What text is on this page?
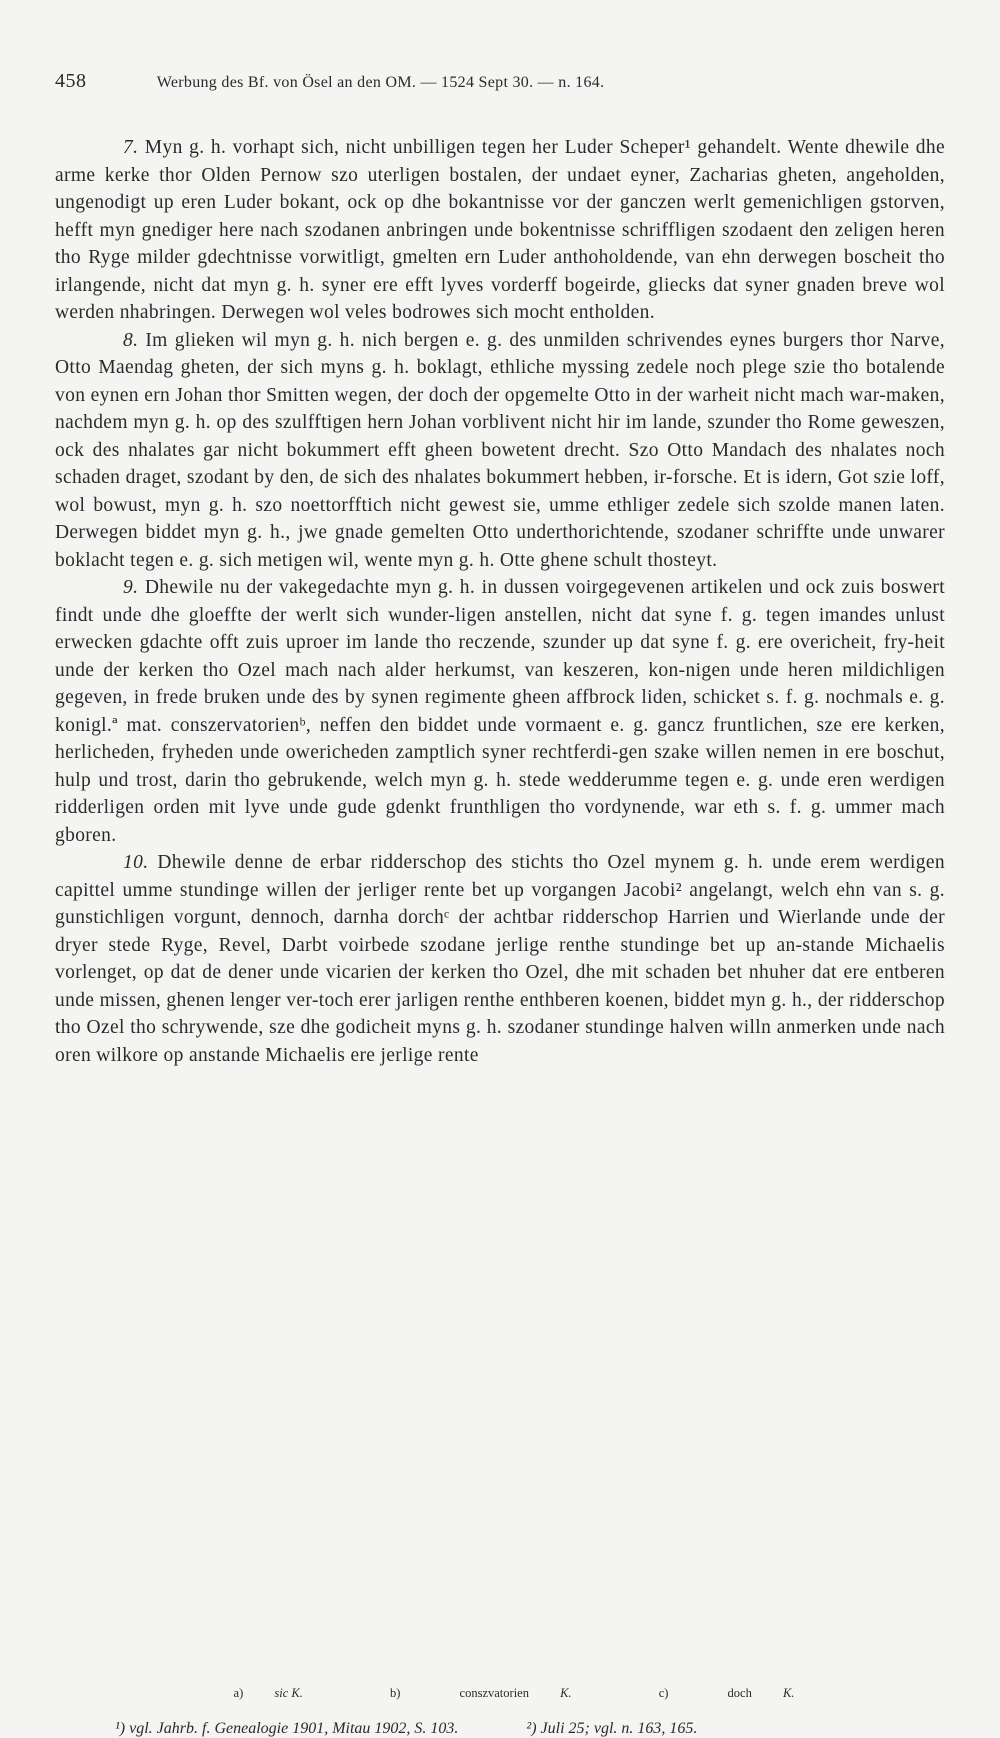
458	Werbung des Bf. von Ösel an den OM. — 1524 Sept 30. — n. 164.

7. Myn g. h. vorhapt sich, nicht unbilligen tegen her Luder Scheper¹ gehandelt. Wente dhewile dhe arme kerke thor Olden Pernow szo uterligen bostalen, der undaet eyner, Zacharias gheten, angeholden, ungenodigt up eren Luder bokant, ock op dhe bokantnisse vor der ganczen werlt gemenichligen gstorven, hefft myn gnediger here nach szodanen anbringen unde bokentnisse schriffligen szodaent den zeligen heren tho Ryge milder gdechtnisse vorwitligt, gmelten ern Luder anthoholdende, van ehn derwegen boscheit tho irlangende, nicht dat myn g. h. syner ere efft lyves vorderff bogeirde, gliecks dat syner gnaden breve wol werden nhabringen. Derwegen wol veles bodrowes sich mocht entholden.

8. Im glieken wil myn g. h. nich bergen e. g. des unmilden schrivendes eynes burgers thor Narve, Otto Maendag gheten, der sich myns g. h. boklagt, ethliche myssing zedele noch plege szie tho botalende von eynen ern Johan thor Smitten wegen, der doch der opgemelte Otto in der warheit nicht mach war-maken, nachdem myn g. h. op des szulfftigen hern Johan vorblivent nicht hir im lande, szunder tho Rome geweszen, ock des nhalates gar nicht bokummert efft gheen bowetent drecht. Szo Otto Mandach des nhalates noch schaden draget, szodant by den, de sich des nhalates bokummert hebben, ir-forsche. Et is idern, Got szie loff, wol bowust, myn g. h. szo noettorfftich nicht gewest sie, umme ethliger zedele sich szolde manen laten. Derwegen biddet myn g. h., jwe gnade gemelten Otto underthorichtende, szodaner schriffte unde unwarer boklacht tegen e. g. sich metigen wil, wente myn g. h. Otte ghene schult thosteyt.

9. Dhewile nu der vakegedachte myn g. h. in dussen voirgegevenen artikelen und ock zuis boswert findt unde dhe gloeffte der werlt sich wunder-ligen anstellen, nicht dat syne f. g. tegen imandes unlust erwecken gdachte offt zuis uproer im lande tho reczende, szunder up dat syne f. g. ere overicheit, fry-heit unde der kerken tho Ozel mach nach alder herkumst, van keszeren, kon-nigen unde heren mildichligen gegeven, in frede bruken unde des by synen regimente gheen affbrock liden, schicket s. f. g. nochmals e. g. konigl.ª mat. conszervatorienᵇ, neffen den biddet unde vormaent e. g. gancz fruntlichen, sze ere kerken, herlicheden, fryheden unde owericheden zamptlich syner rechtferdi-gen szake willen nemen in ere boschut, hulp und trost, darin tho gebrukende, welch myn g. h. stede wedderumme tegen e. g. unde eren werdigen ridderligen orden mit lyve unde gude gdenkt frunthligen tho vordynende, war eth s. f. g. ummer mach gboren.

10. Dhewile denne de erbar ridderschop des stichts tho Ozel mynem g. h. unde erem werdigen capittel umme stundinge willen der jerliger rente bet up vorgangen Jacobi² angelangt, welch ehn van s. g. gunstichligen vorgunt, dennoch, darnha dorchᶜ der achtbar ridderschop Harrien und Wierlande unde der dryer stede Ryge, Revel, Darbt voirbede szodane jerlige renthe stundinge bet up an-stande Michaelis vorlenget, op dat de dener unde vicarien der kerken tho Ozel, dhe mit schaden bet nhuher dat ere entberen unde missen, ghenen lenger ver-toch erer jarligen renthe enthberen koenen, biddet myn g. h., der ridderschop tho Ozel tho schrywende, sze dhe godicheit myns g. h. szodaner stundinge halven willn anmerken unde nach oren wilkore op anstande Michaelis ere jerlige rente

a) sic K.	b)	conszvatorien K.	c)	doch K.
¹) vgl. Jahrb. f. Genealogie 1901, Mitau 1902, S. 103.	²) Juli 25; vgl. n. 163, 165.
